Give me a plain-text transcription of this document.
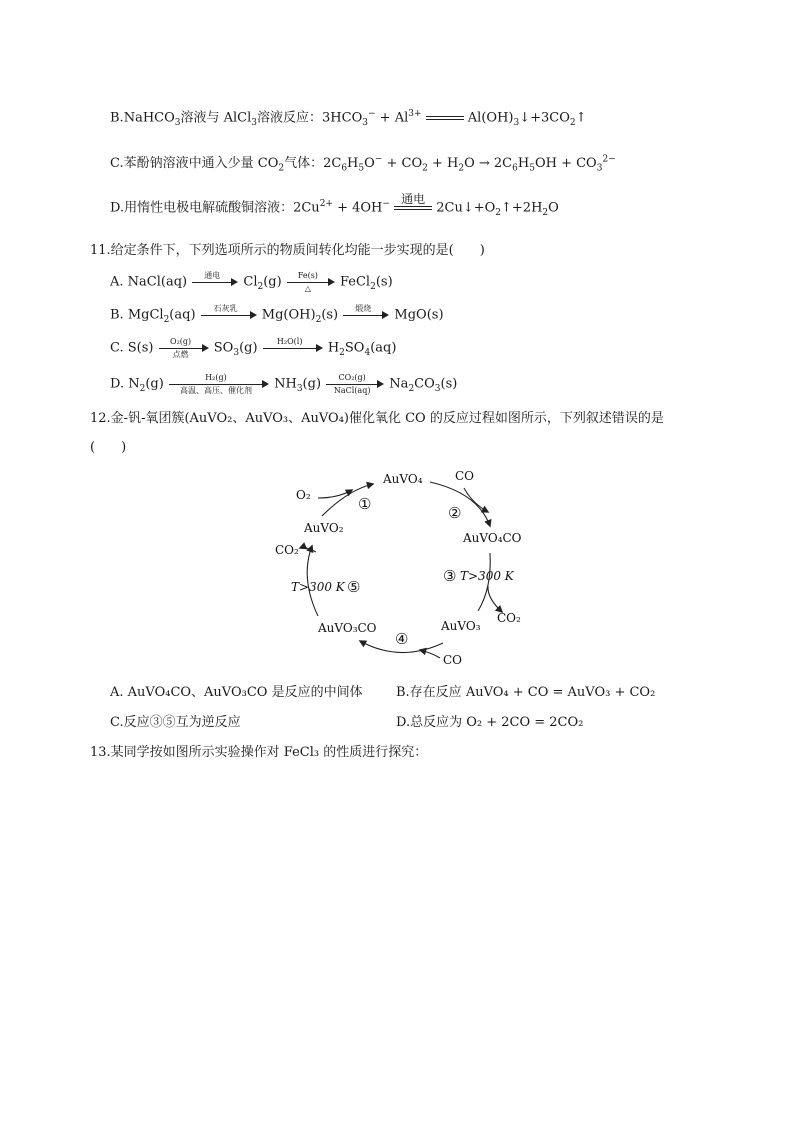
B.NaHCO$_3$溶液与 AlCl$_3$溶液反应：$3HCO_3^- + Al^{3+}$	$Al(OH)_3↓+3CO_2↑$
C.苯酚钠溶液中通入少量 $CO_2$气体：$2C_6H_5O^- + CO_2 + H_2O \to 2C_6H_5OH + CO_3^{2-}$
D.用惰性电极电解硫酸铜溶液：$2Cu^{2+} + 4OH^-$ 通电
$2Cu↓+O_2↑+2H_2O$
11.给定条件下，下列选项所示的物质间转化均能一步实现的是(　　)
A. NaCl(aq)	通电	$Cl_2(g)$	Fe(s)
△	FeCl$_2$(s)
B. MgCl$_2$(aq)	石灰乳	$Mg(OH)_2(s)$	煅烧	MgO(s)
C. S(s)	O₂(g)
点燃	$SO_3(g)$	H₂O(l)	$H_2SO_4(aq)$
D. $N_2(g)$	H₂(g)
高温、高压、催化剂	$NH_3(g)$	CO₂(g)
NaCl(aq)	$Na_2CO_3(s)$
12.金-钒-氧团簇(AuVO₂、AuVO₃、AuVO₄)催化氧化 CO 的反应过程如图所示，下列叙述错误的是
(　　)
AuVO₄	CO
O₂	①	②
AuVO₂
AuVO₄CO
CO₂
③ T>300 K
T>300 K ⑤
CO₂
AuVO₃
AuVO₃CO
④
CO
A. AuVO₄CO、AuVO₃CO 是反应的中间体	B.存在反应 AuVO₄ + CO = AuVO₃ + CO₂
C.反应③⑤互为逆反应	D.总反应为 O₂ + 2CO = 2CO₂
13.某同学按如图所示实验操作对 FeCl₃ 的性质进行探究：
